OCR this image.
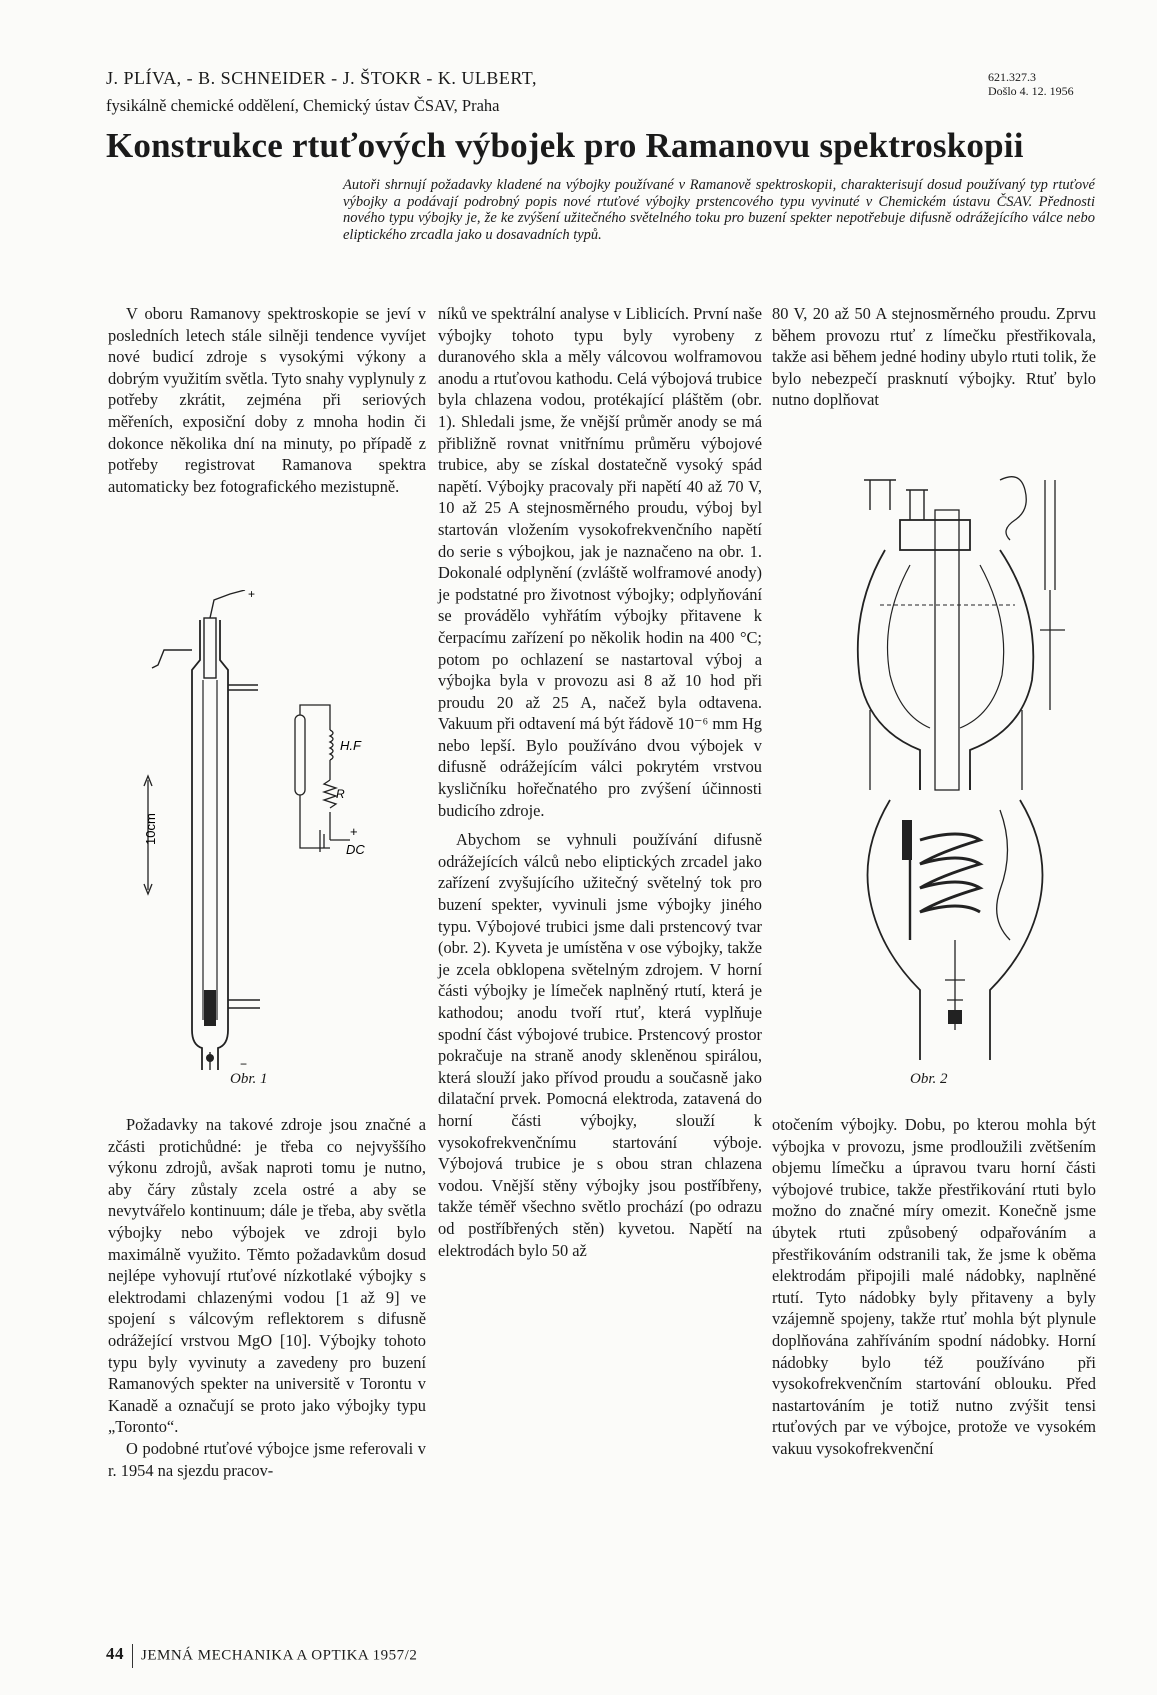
J. PLÍVA, - B. SCHNEIDER - J. ŠTOKR - K. ULBERT,
fysikálně chemické oddělení, Chemický ústav ČSAV, Praha
621.327.3
Došlo 4. 12. 1956
Konstrukce rtuťových výbojek pro Ramanovu spektroskopii
Autoři shrnují požadavky kladené na výbojky používané v Ramanově spektroskopii, charakterisují dosud používaný typ rtuťové výbojky a podávají podrobný popis nové rtuťové výbojky prstencového typu vyvinuté v Chemickém ústavu ČSAV. Přednosti nového typu výbojky je, že ke zvýšení užitečného světelného toku pro buzení spekter nepotřebuje difusně odrážejícího válce nebo eliptického zrcadla jako u dosavadních typů.

V oboru Ramanovy spektroskopie se jeví v posledních letech stále silněji tendence vyvíjet nové budicí zdroje s vysokými výkony a dobrým využitím světla. Tyto snahy vyplynuly z potřeby zkrátit, zejména při seriových měřeních, exposiční doby z mnoha hodin či dokonce několika dní na minuty, po případě z potřeby registrovat Ramanova spektra automaticky bez fotografického mezistupně.

10cm
H.F
R
+
DC
+
−
Obr. 1

Požadavky na takové zdroje jsou značné a zčásti protichůdné: je třeba co nejvyššího výkonu zdrojů, avšak naproti tomu je nutno, aby čáry zůstaly zcela ostré a aby se nevytvářelo kontinuum; dále je třeba, aby světla výbojky nebo výbojek ve zdroji bylo maximálně využito. Těmto požadavkům dosud nejlépe vyhovují rtuťové nízkotlaké výbojky s elektrodami chlazenými vodou [1 až 9] ve spojení s válcovým reflektorem s difusně odrážející vrstvou MgO [10]. Výbojky tohoto typu byly vyvinuty a zavedeny pro buzení Ramanových spekter na universitě v Torontu v Kanadě a označují se proto jako výbojky typu „Toronto“.

O podobné rtuťové výbojce jsme referovali v r. 1954 na sjezdu pracov-

níků ve spektrální analyse v Liblicích. První naše výbojky tohoto typu byly vyrobeny z duranového skla a měly válcovou wolframovou anodu a rtuťovou kathodu. Celá výbojová trubice byla chlazena vodou, protékající pláštěm (obr. 1). Shledali jsme, že vnější průměr anody se má přibližně rovnat vnitřnímu průměru výbojové trubice, aby se získal dostatečně vysoký spád napětí. Výbojky pracovaly při napětí 40 až 70 V, 10 až 25 A stejnosměrného proudu, výboj byl startován vložením vysokofrekvenčního napětí do serie s výbojkou, jak je naznačeno na obr. 1. Dokonalé odplynění (zvláště wolframové anody) je podstatné pro životnost výbojky; odplyňování se provádělo vyhřátím výbojky přitavene k čerpacímu zařízení po několik hodin na 400 °C; potom po ochlazení se nastartoval výboj a výbojka byla v provozu asi 8 až 10 hod při proudu 20 až 25 A, načež byla odtavena. Vakuum při odtavení má být řádově 10⁻⁶ mm Hg nebo lepší. Bylo používáno dvou výbojek v difusně odrážejícím válci pokrytém vrstvou kysličníku hořečnatého pro zvýšení účinnosti budicího zdroje.

Abychom se vyhnuli používání difusně odrážejících válců nebo eliptických zrcadel jako zařízení zvyšujícího užitečný světelný tok pro buzení spekter, vyvinuli jsme výbojky jiného typu. Výbojové trubici jsme dali prstencový tvar (obr. 2). Kyveta je umístěna v ose výbojky, takže je zcela obklopena světelným zdrojem. V horní části výbojky je límeček naplněný rtutí, která je kathodou; anodu tvoří rtuť, která vyplňuje spodní část výbojové trubice. Prstencový prostor pokračuje na straně anody skleněnou spirálou, která slouží jako přívod proudu a současně jako dilatační prvek. Pomocná elektroda, zatavená do horní části výbojky, slouží k vysokofrekvenčnímu startování výboje. Výbojová trubice je s obou stran chlazena vodou. Vnější stěny výbojky jsou postříbřeny, takže téměř všechno světlo prochází (po odrazu od postříbřených stěn) kyvetou. Napětí na elektrodách bylo 50 až

80 V, 20 až 50 A stejnosměrného proudu. Zprvu během provozu rtuť z límečku přestřikovala, takže asi během jedné hodiny ubylo rtuti tolik, že bylo nebezpečí prasknutí výbojky. Rtuť bylo nutno doplňovat

Obr. 2

otočením výbojky. Dobu, po kterou mohla být výbojka v provozu, jsme prodloužili zvětšením objemu límečku a úpravou tvaru horní části výbojové trubice, takže přestřikování rtuti bylo možno do značné míry omezit. Konečně jsme úbytek rtuti způsobený odpařováním a přestřikováním odstranili tak, že jsme k oběma elektrodám připojili malé nádobky, naplněné rtutí. Tyto nádobky byly přitaveny a byly vzájemně spojeny, takže rtuť mohla být plynule doplňována zahříváním spodní nádobky. Horní nádobky bylo též používáno při vysokofrekvenčním startování oblouku. Před nastartováním je totiž nutno zvýšit tensi rtuťových par ve výbojce, protože ve vysokém vakuu vysokofrekvenční

44 JEMNÁ MECHANIKA A OPTIKA 1957/2
